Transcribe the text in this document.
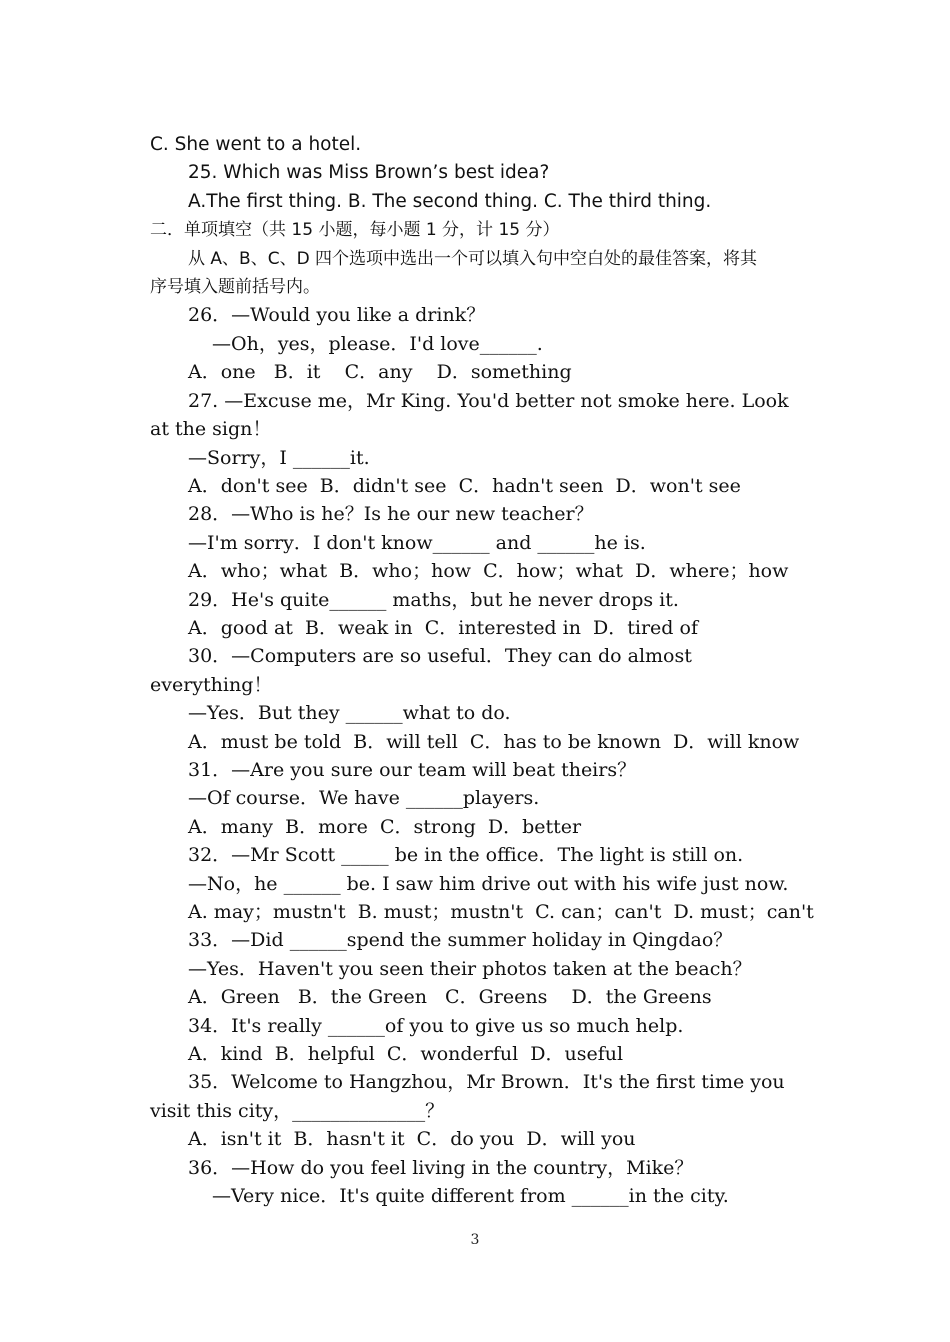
C. She went to a hotel.
25. Which was Miss Brown’s best idea?
A.The first thing. B. The second thing. C. The third thing.
二．单项填空（共 15 小题，每小题 1 分，计 15 分）
从 A、B、C、D 四个选项中选出一个可以填入句中空白处的最佳答案，将其
序号填入题前括号内。
26．—Would you like a drink？
—Oh，yes，please．I'd love______.
A．one   B．it    C．any    D．something
27. —Excuse me，Mr King. You'd better not smoke here. Look
at the sign！
—Sorry，I ______it.
A．don't see  B．didn't see  C．hadn't seen  D．won't see
28．—Who is he？Is he our new teacher？
—I'm sorry．I don't know______ and ______he is.
A．who；what  B．who；how  C．how；what  D．where；how
29．He's quite______ maths，but he never drops it.
A．good at  B．weak in  C．interested in  D．tired of
30．—Computers are so useful．They can do almost
everything！
—Yes．But they ______what to do.
A．must be told  B．will tell  C．has to be known  D．will know
31．—Are you sure our team will beat theirs？
—Of course．We have ______players.
A．many  B．more  C．strong  D．better
32．—Mr Scott _____ be in the office．The light is still on.
—No，he ______ be. I saw him drive out with his wife just now.
A. may；mustn't  B. must；mustn't  C. can；can't  D. must；can't
33．—Did ______spend the summer holiday in Qingdao？
—Yes．Haven't you seen their photos taken at the beach？
A．Green   B．the Green   C．Greens    D．the Greens
34．It's really ______of you to give us so much help.
A．kind  B．helpful  C．wonderful  D．useful
35．Welcome to Hangzhou，Mr Brown．It's the first time you
visit this city，______________？
A．isn't it  B．hasn't it  C．do you  D．will you
36．—How do you feel living in the country，Mike？
—Very nice．It's quite different from ______in the city.
3
